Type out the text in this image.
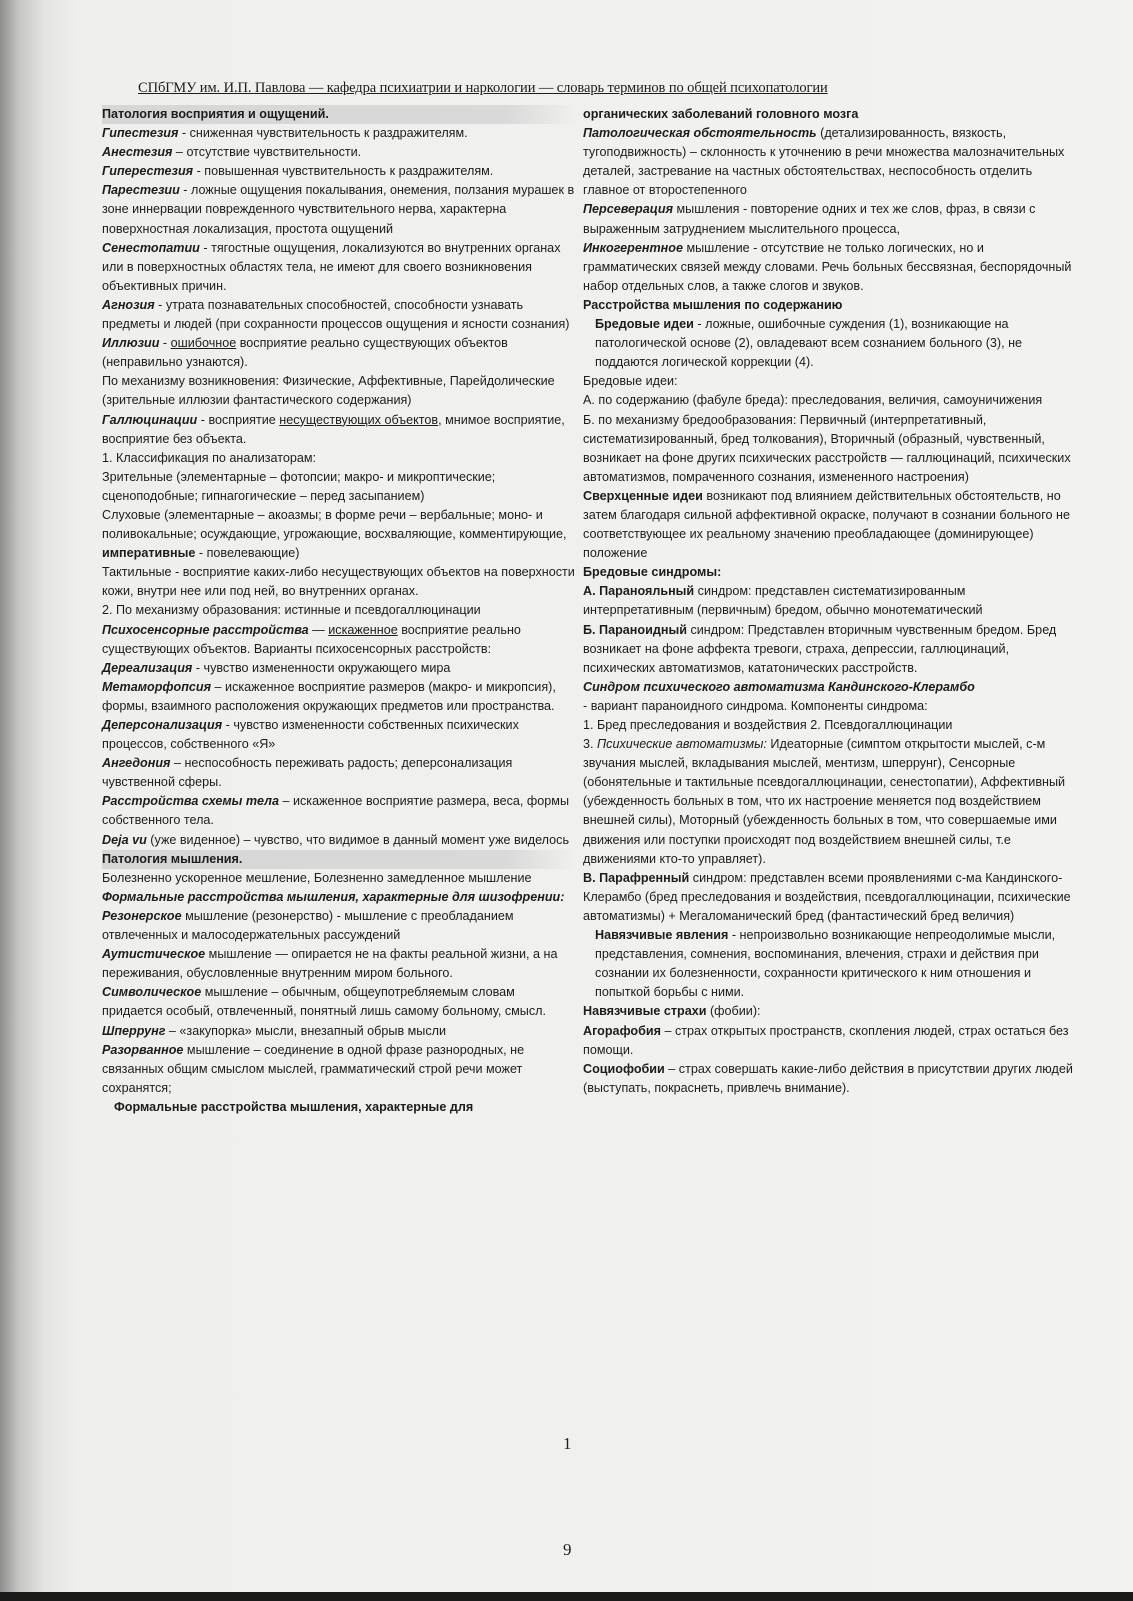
СПбГМУ им. И.П. Павлова — кафедра психиатрии и наркологии — словарь терминов по общей психопатологии

Патология восприятия и ощущений.

Гипестезия - сниженная чувствительность к раздражителям.

Анестезия – отсутствие чувствительности.

Гиперестезия - повышенная чувствительность к раздражителям.

Парестезии - ложные ощущения покалывания, онемения, ползания мурашек в зоне иннервации поврежденного чувствительного нерва, характерна поверхностная локализация, простота ощущений

Сенестопатии - тягостные ощущения, локализуются во внутренних органах или в поверхностных областях тела, не имеют для своего возникновения объективных причин.

Агнозия - утрата познавательных способностей, способности узнавать предметы и людей (при сохранности процессов ощущения и ясности сознания)

Иллюзии - ошибочное восприятие реально существующих объектов (неправильно узнаются).

По механизму возникновения: Физические, Аффективные, Парейдолические (зрительные иллюзии фантастического содержания)

Галлюцинации - восприятие несуществующих объектов, мнимое восприятие, восприятие без объекта.

1. Классификация по анализаторам:

Зрительные (элементарные – фотопсии; макро- и микроптические; сценоподобные; гипнагогические – перед засыпанием)

Слуховые (элементарные – акоазмы; в форме речи – вербальные; моно- и поливокальные; осуждающие, угрожающие, восхваляющие, комментирующие, императивные - повелевающие)

Тактильные - восприятие каких-либо несуществующих объектов на поверхности кожи, внутри нее или под ней, во внутренних органах.

2. По механизму образования: истинные и псевдогаллюцинации

Психосенсорные расстройства — искаженное восприятие реально существующих объектов. Варианты психосенсорных расстройств:

Дереализация - чувство измененности окружающего мира

Метаморфопсия – искаженное восприятие размеров (макро- и микропсия), формы, взаимного расположения окружающих предметов или пространства.

Деперсонализация - чувство измененности собственных психических процессов, собственного «Я»

Ангедония – неспособность переживать радость; деперсонализация чувственной сферы.

Расстройства схемы тела – искаженное восприятие размера, веса, формы собственного тела.

Deja vu (уже виденное) – чувство, что видимое в данный момент уже виделось

Патология мышления.

Болезненно ускоренное мешление, Болезненно замедленное мышление

Формальные расстройства мышления, характерные для шизофрении:

Резонерское мышление (резонерство) - мышление с преобладанием отвлеченных и малосодержательных рассуждений

Аутистическое мышление — опирается не на факты реальной жизни, а на переживания, обусловленные внутренним миром больного.

Символическое мышление – обычным, общеупотребляемым словам придается особый, отвлеченный, понятный лишь самому больному, смысл.

Шперрунг – «закупорка» мысли, внезапный обрыв мысли

Разорванное мышление – соединение в одной фразе разнородных, не связанных общим смыслом мыслей, грамматический строй речи может сохранятся;

Формальные расстройства мышления, характерные для

органических заболеваний головного мозга

Патологическая обстоятельность (детализированность, вязкость, тугоподвижность) – склонность к уточнению в речи множества малозначительных деталей, застревание на частных обстоятельствах, неспособность отделить главное от второстепенного

Персеверация мышления - повторение одних и тех же слов, фраз, в связи с выраженным затруднением мыслительного процесса,

Инкогерентное мышление - отсутствие не только логических, но и грамматических связей между словами. Речь больных бессвязная, беспорядочный набор отдельных слов, а также слогов и звуков.

Расстройства мышления по содержанию

Бредовые идеи - ложные, ошибочные суждения (1), возникающие на патологической основе (2), овладевают всем сознанием больного (3), не поддаются логической коррекции (4).

Бредовые идеи:

А. по содержанию (фабуле бреда): преследования, величия, самоуничижения

Б. по механизму бредообразования: Первичный (интерпретативный, систематизированный, бред толкования), Вторичный (образный, чувственный, возникает на фоне других психических расстройств — галлюцинаций, психических автоматизмов, помраченного сознания, измененного настроения)

Сверхценные идеи возникают под влиянием действительных обстоятельств, но затем благодаря сильной аффективной окраске, получают в сознании больного не соответствующее их реальному значению преобладающее (доминирующее) положение

Бредовые синдромы:

А. Паранояльный синдром: представлен систематизированным интерпретативным (первичным) бредом, обычно монотематический

Б. Параноидный синдром: Представлен вторичным чувственным бредом. Бред возникает на фоне аффекта тревоги, страха, депрессии, галлюцинаций, психических автоматизмов, кататонических расстройств.

Синдром психического автоматизма Кандинского-Клерамбо

- вариант параноидного синдрома. Компоненты синдрома:

1. Бред преследования и воздействия 2. Псевдогаллюцинации

3. Психические автоматизмы: Идеаторные (симптом открытости мыслей, с-м звучания мыслей, вкладывания мыслей, ментизм, шперрунг), Сенсорные (обонятельные и тактильные псевдогаллюцинации, сенестопатии), Аффективный (убежденность больных в том, что их настроение меняется под воздействием внешней силы), Моторный (убежденность больных в том, что совершаемые ими движения или поступки происходят под воздействием внешней силы, т.е движениями кто-то управляет).

В. Парафренный синдром: представлен всеми проявлениями с-ма Кандинского-Клерамбо (бред преследования и воздействия, псевдогаллюцинации, психические автоматизмы) + Мегаломанический бред (фантастический бред величия)

Навязчивые явления - непроизвольно возникающие непреодолимые мысли, представления, сомнения, воспоминания, влечения, страхи и действия при сознании их болезненности, сохранности критического к ним отношения и попыткой борьбы с ними.

Навязчивые страхи (фобии):

Агорафобия – страх открытых пространств, скопления людей, страх остаться без помощи.

Социофобии – страх совершать какие-либо действия в присутствии других людей (выступать, покраснеть, привлечь внимание).

1
9
